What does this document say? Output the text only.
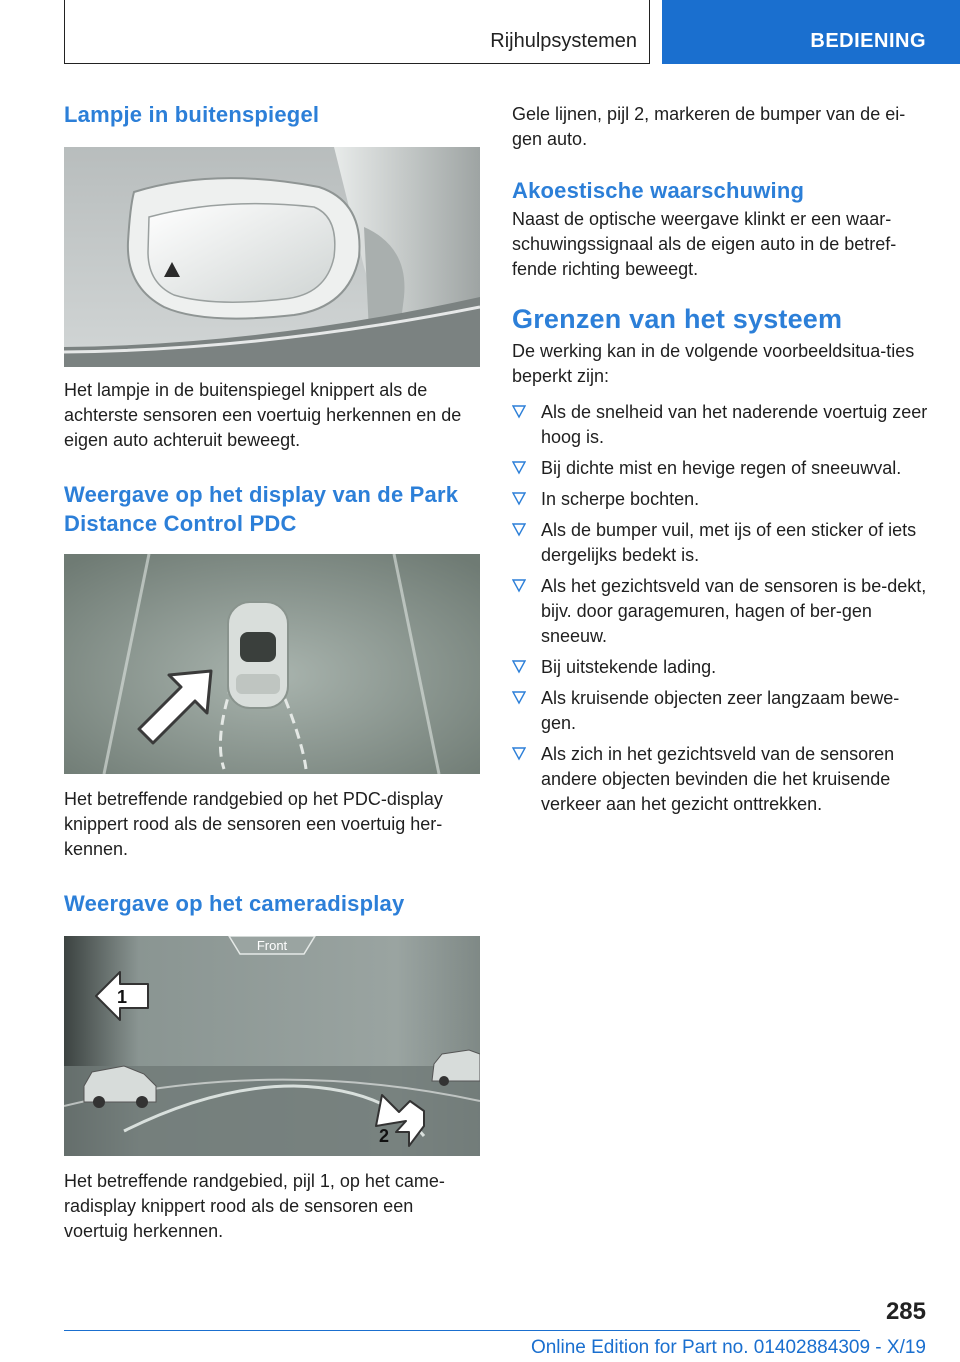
Rijhulpsystemen	BEDIENING
Lampje in buitenspiegel

Het lampje in de buitenspiegel knippert als de achterste sensoren een voertuig herkennen en de eigen auto achteruit beweegt.

Weergave op het display van de Park Distance Control PDC

Het betreffende randgebied op het PDC-display knippert rood als de sensoren een voertuig her-kennen.

Weergave op het cameradisplay
Front
1
2

Het betreffende randgebied, pijl 1, op het came-radisplay knippert rood als de sensoren een voertuig herkennen.

Gele lijnen, pijl 2, markeren de bumper van de ei-gen auto.

Akoestische waarschuwing

Naast de optische weergave klinkt er een waar-schuwingssignaal als de eigen auto in de betref-fende richting beweegt.

Grenzen van het systeem

De werking kan in de volgende voorbeeldsitua-ties beperkt zijn:

Als de snelheid van het naderende voertuig zeer hoog is.
Bij dichte mist en hevige regen of sneeuwval.
In scherpe bochten.
Als de bumper vuil, met ijs of een sticker of iets dergelijks bedekt is.
Als het gezichtsveld van de sensoren is be-dekt, bijv. door garagemuren, hagen of ber-gen sneeuw.
Bij uitstekende lading.
Als kruisende objecten zeer langzaam bewe-gen.
Als zich in het gezichtsveld van de sensoren andere objecten bevinden die het kruisende verkeer aan het gezicht onttrekken.
285
Online Edition for Part no. 01402884309 - X/19
